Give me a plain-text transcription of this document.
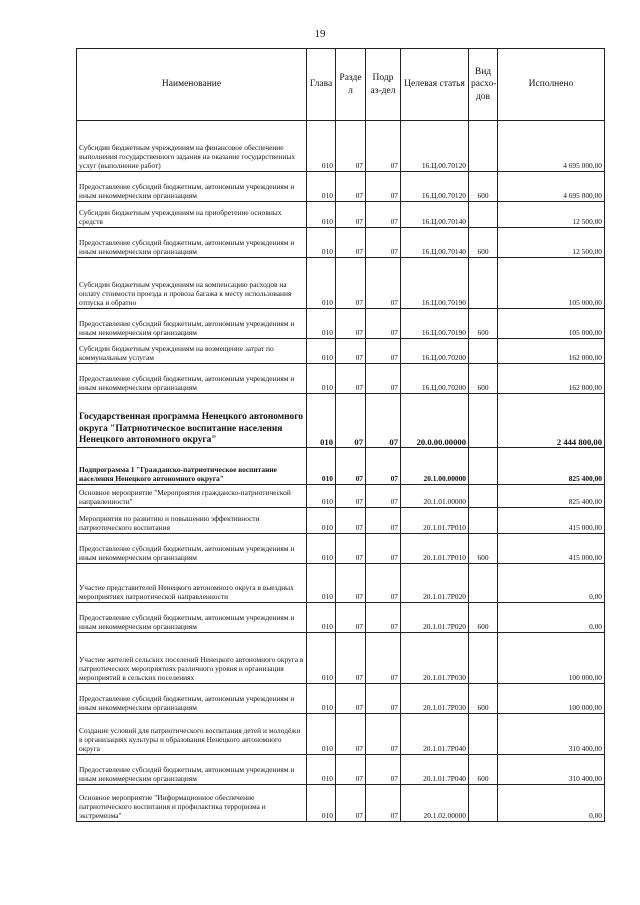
19
Наименование	Глава	Разде л	Подр аз-дел	Целевая статья	Вид расхо-дов	Исполнено
Субсидии бюджетным учреждениям на финансовое обеспечение выполнения государственного задания на оказание государственных услуг (выполнение работ)	010	07	07	16.Ц.00.70120		4 695 000,00
Предоставление субсидий бюджетным, автономным учреждениям и иным некоммерческим организациям	010	07	07	16.Ц.00.70120	600	4 695 000,00
Субсидии бюджетным учреждениям на приобретение основных средств	010	07	07	16.Ц.00.70140		12 500,00
Предоставление субсидий бюджетным, автономным учреждениям и иным некоммерческим организациям	010	07	07	16.Ц.00.70140	600	12 500,00
Субсидии бюджетным учреждениям на компенсацию расходов на оплату стоимости проезда и провоза багажа к месту использования отпуска и обратно	010	07	07	16.Ц.00.70190		105 000,00
Предоставление субсидий бюджетным, автономным учреждениям и иным некоммерческим организациям	010	07	07	16.Ц.00.70190	600	105 000,00
Субсидии бюджетным учреждениям на возмещение затрат по коммунальным услугам	010	07	07	16.Ц.00.70200		162 000,00
Предоставление субсидий бюджетным, автономным учреждениям и иным некоммерческим организациям	010	07	07	16.Ц.00.70200	600	162 000,00
Государственная программа Ненецкого автономного округа "Патриотическое воспитание населения Ненецкого автономного округа"	010	07	07	20.0.00.00000		2 444 800,00
Подпрограмма 1 "Гражданско-патриотическое воспитание населения Ненецкого автономного округа"	010	07	07	20.1.00.00000		825 400,00
Основное мероприятие "Мероприятия гражданско-патриотической направленности"	010	07	07	20.1.01.00000		825 400,00
Мероприятия по развитию и повышению эффективности патриотического воспитания	010	07	07	20.1.01.7Р010		415 000,00
Предоставление субсидий бюджетным, автономным учреждениям и иным некоммерческим организациям	010	07	07	20.1.01.7Р010	600	415 000,00
Участие представителей Ненецкого автономного округа в выездных мероприятиях патриотической направленности	010	07	07	20.1.01.7Р020		0,00
Предоставление субсидий бюджетным, автономным учреждениям и иным некоммерческим организациям	010	07	07	20.1.01.7Р020	600	0,00
Участие жителей сельских поселений Ненецкого автономного округа в патриотических мероприятиях различного уровня и организация мероприятий в сельских поселениях	010	07	07	20.1.01.7Р030		100 000,00
Предоставление субсидий бюджетным, автономным учреждениям и иным некоммерческим организациям	010	07	07	20.1.01.7Р030	600	100 000,00
Создание условий для патриотического воспитания детей и молодёжи в организациях культуры и образования Ненецкого автономного округа	010	07	07	20.1.01.7Р040		310 400,00
Предоставление субсидий бюджетным, автономным учреждениям и иным некоммерческим организациям	010	07	07	20.1.01.7Р040	600	310 400,00
Основное мероприятие "Информационное обеспечение патриотического воспитания и профилактика терроризма и экстремизма"	010	07	07	20.1.02.00000		0,00
